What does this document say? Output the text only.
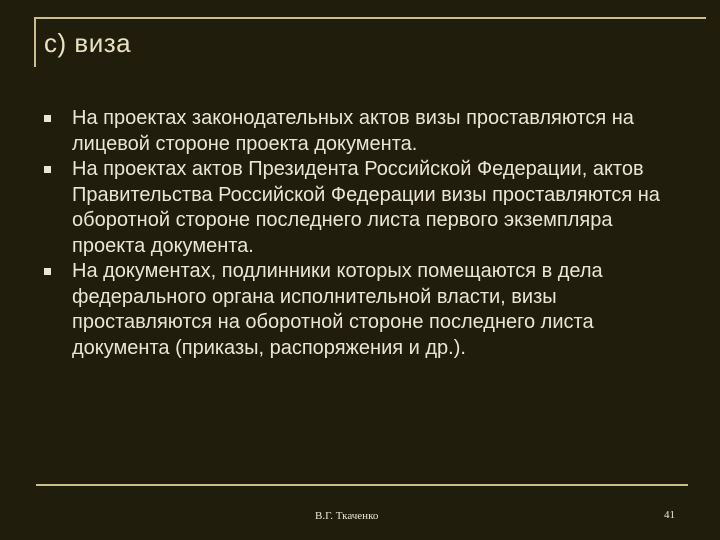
с) виза
На проектах законодательных актов визы проставляются на лицевой стороне проекта документа.
На проектах актов Президента Российской Федерации, актов Правительства Российской Федерации визы проставляются на оборотной стороне последнего листа первого экземпляра проекта документа.
На документах, подлинники которых помещаются в дела федерального органа исполнительной власти, визы проставляются на оборотной стороне последнего листа документа (приказы, распоряжения и др.).
В.Г. Ткаченко	41
